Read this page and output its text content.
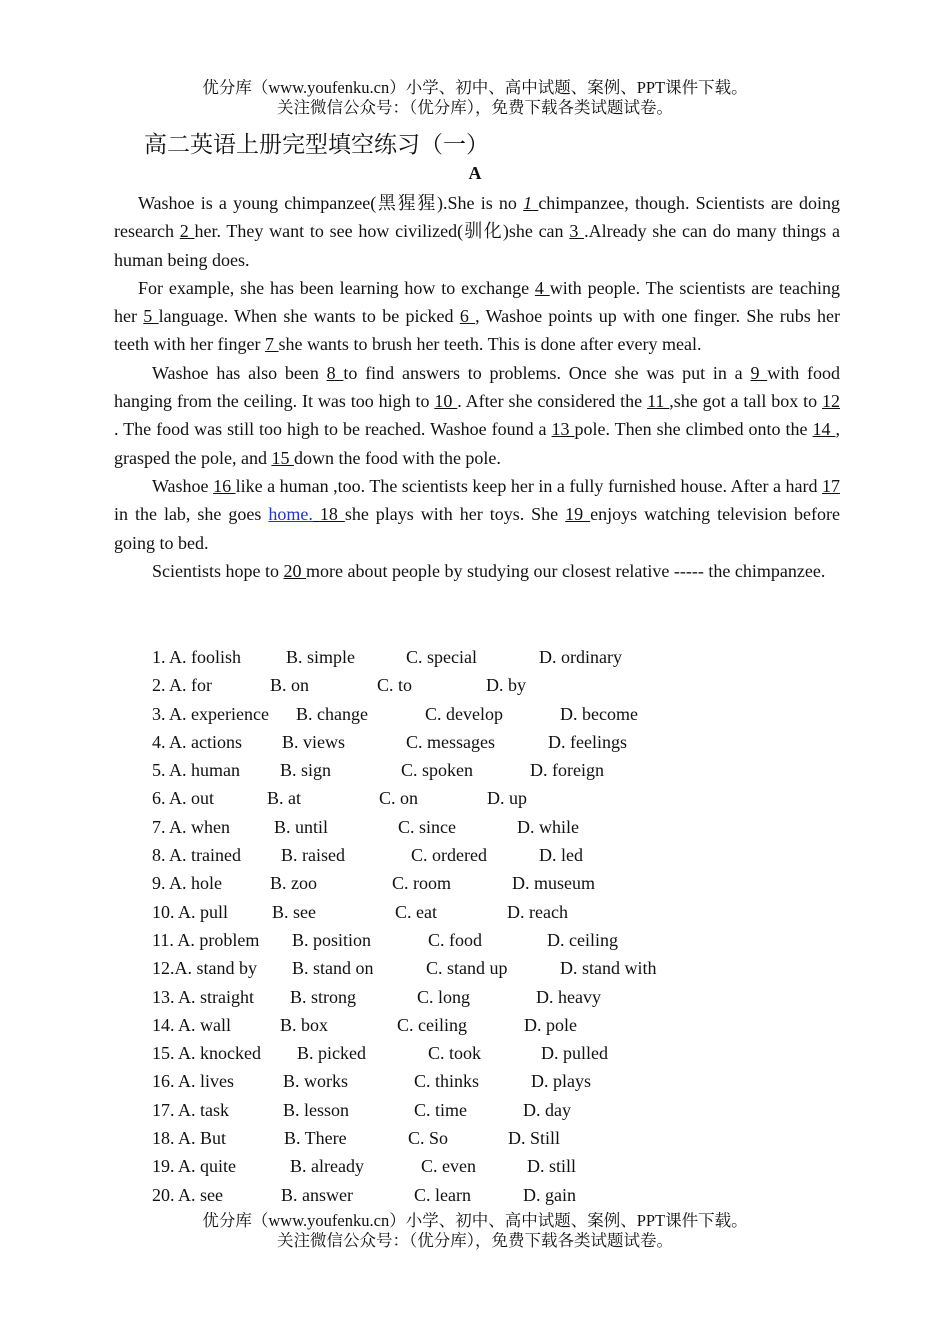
优分库（www.youfenku.cn）小学、初中、高中试题、案例、PPT课件下载。
关注微信公众号：（优分库），免费下载各类试题试卷。
高二英语上册完型填空练习（一）
A

Washoe is a young chimpanzee(黑猩猩).She is no 1 chimpanzee, though. Scientists are doing research 2 her. They want to see how civilized(驯化)she can 3 .Already she can do many things a human being does.

For example, she has been learning how to exchange 4 with people. The scientists are teaching her 5 language. When she wants to be picked 6 , Washoe points up with one finger. She rubs her teeth with her finger 7 she wants to brush her teeth. This is done after every meal.

Washoe has also been 8 to find answers to problems. Once she was put in a 9 with food hanging from the ceiling. It was too high to 10 . After she considered the 11 ,she got a tall box to 12 . The food was still too high to be reached. Washoe found a 13 pole. Then she climbed onto the 14 , grasped the pole, and 15 down the food with the pole.

Washoe 16 like a human ,too. The scientists keep her in a fully furnished house. After a hard 17 in the lab, she goes home. 18 she plays with her toys. She 19 enjoys watching television before going to bed.

Scientists hope to 20 more about people by studying our closest relative ----- the chimpanzee.

1. A. foolish B. simple	C. special	D. ordinary
2. A. for	B. on	C. to	D. by
3. A. experience B. change	C. develop	D. become
4. A. actions B. views	C. messages	D. feelings
5. A. human B. sign	C. spoken	D. foreign
6. A. out	B. at	C. on	D. up
7. A. when B. until	C. since	D. while
8. A. trained B. raised	C. ordered	D. led
9. A. hole	B. zoo	C. room	D. museum
10. A. pull B. see	C. eat	D. reach
11. A. problem B. position	C. food	D. ceiling
12.A. stand by B. stand on	C. stand up	D. stand with
13. A. straight B. strong	C. long	D. heavy
14. A. wall	B. box	C. ceiling	D. pole
15. A. knocked B. picked	C. took	D. pulled
16. A. lives	B. works	C. thinks	D. plays
17. A. task	B. lesson	C. time	D. day
18. A. But	B. There	C. So	D. Still
19. A. quite	B. already	C. even	D. still
20. A. see	B. answer	C. learn	D. gain
优分库（www.youfenku.cn）小学、初中、高中试题、案例、PPT课件下载。
关注微信公众号：（优分库），免费下载各类试题试卷。
